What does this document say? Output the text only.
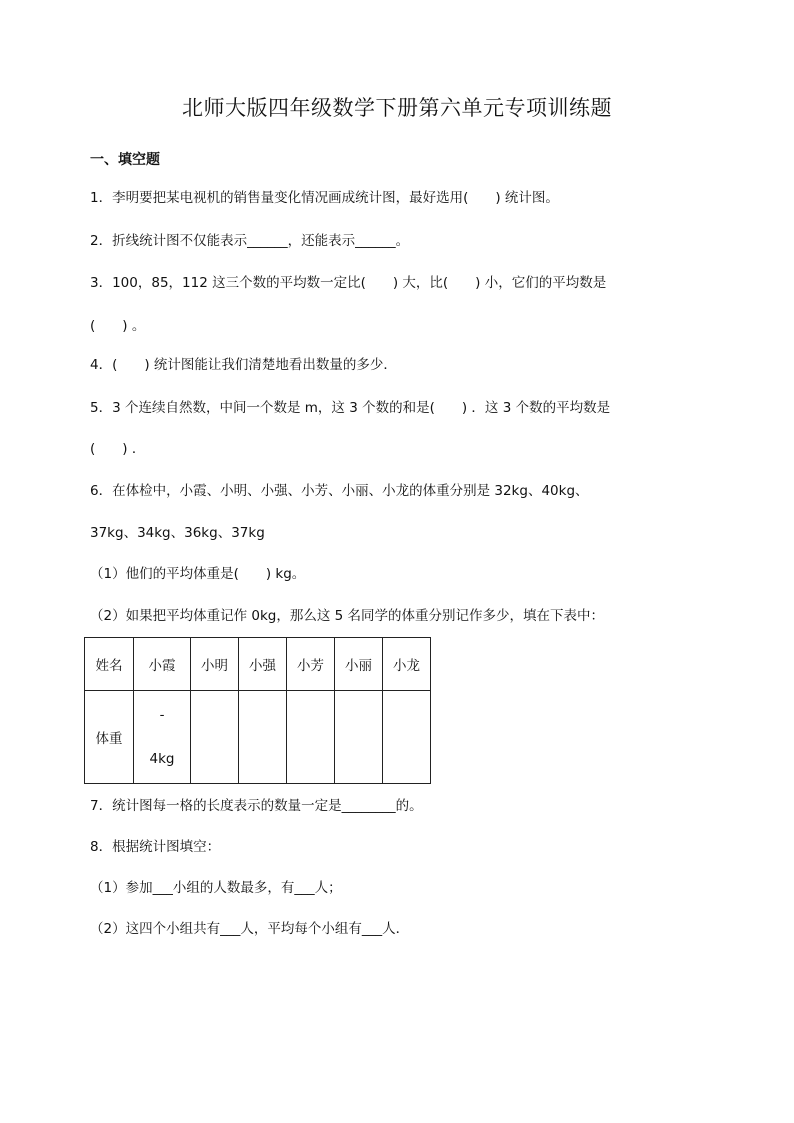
北师大版四年级数学下册第六单元专项训练题
一、填空题
1．李明要把某电视机的销售量变化情况画成统计图，最好选用(　　) 统计图。
2．折线统计图不仅能表示______，还能表示______。
3．100，85，112 这三个数的平均数一定比(　　) 大，比(　　) 小，它们的平均数是
(　　) 。
4．(　　) 统计图能让我们清楚地看出数量的多少．
5．3 个连续自然数，中间一个数是 m，这 3 个数的和是(　　) ．这 3 个数的平均数是
(　　) ．
6．在体检中，小霞、小明、小强、小芳、小丽、小龙的体重分别是 32kg、40kg、
37kg、34kg、36kg、37kg
（1）他们的平均体重是(　　) kg。
（2）如果把平均体重记作 0kg，那么这 5 名同学的体重分别记作多少，填在下表中：
姓名	小霞	小明	小强	小芳	小丽	小龙
体重	-
4kg					

7．统计图每一格的长度表示的数量一定是________的。
8．根据统计图填空：
（1）参加___小组的人数最多，有___人；
（2）这四个小组共有___人，平均每个小组有___人．
